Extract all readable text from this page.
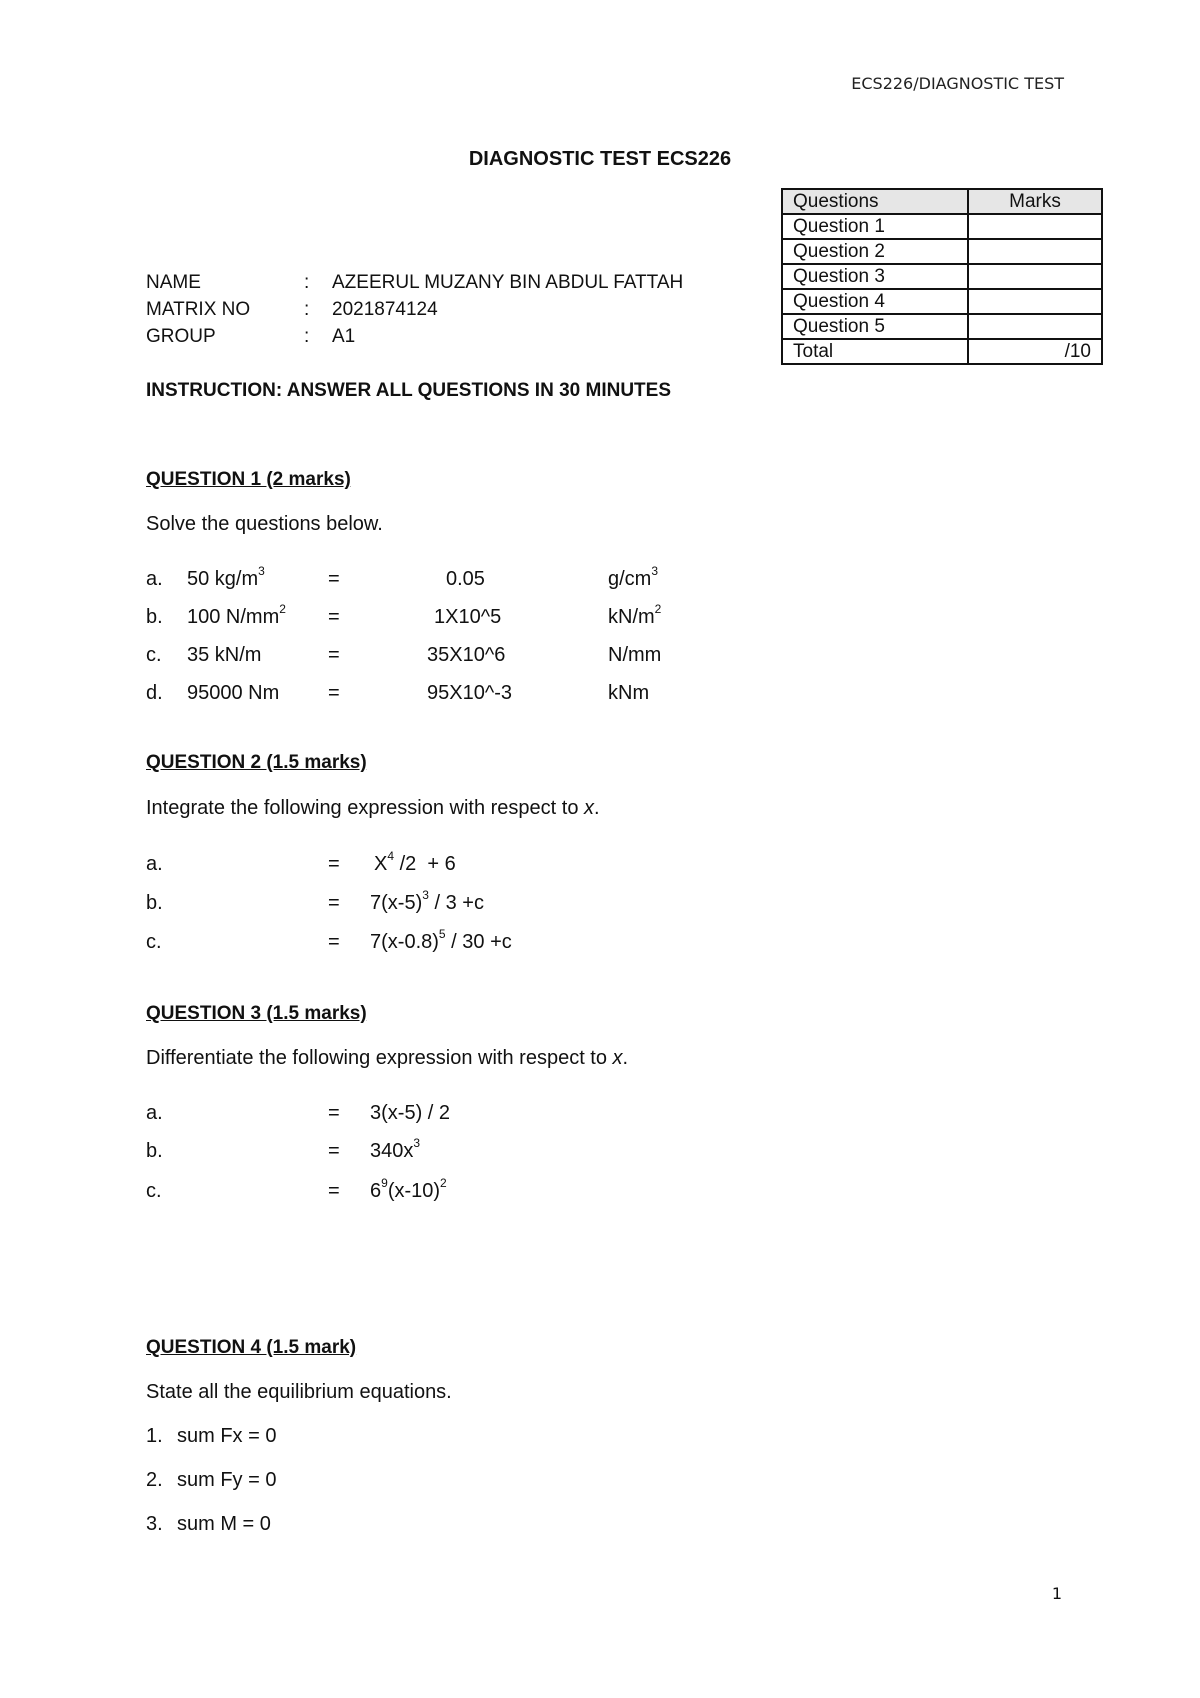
ECS226/DIAGNOSTIC TEST
DIAGNOSTIC TEST ECS226
NAME	: AZEERUL MUZANY BIN ABDUL FATTAH
MATRIX NO	: 2021874124
GROUP	: A1
Questions	Marks
Question 1	
Question 2	
Question 3	
Question 4	
Question 5	
Total	/10
INSTRUCTION: ANSWER ALL QUESTIONS IN 30 MINUTES
QUESTION 1 (2 marks)
Solve the questions below.
a. 50 $kg/m^3$	=	0.05	$g/cm^3$
b. 100 $N/mm^2$ =	1X10^5	$kN/m^2$
c. 35 kN/m	=	35X10^6	N/mm
d. 95000 Nm =	95X10^-3	kNm
QUESTION 2 (1.5 marks)
Integrate the following expression with respect to x.
a.	= $X^4$ /2  + 6
b.	= $7(x-5)^3 / 3 +c$
c.	= $7(x-0.8)^5 / 30 +c$
QUESTION 3 (1.5 marks)
Differentiate the following expression with respect to x.
a.	= 3(x-5) / 2
b.	= $340x^3$
c.	= $6^9(x-10)^2$
QUESTION 4 (1.5 mark)
State all the equilibrium equations.
1. sum Fx = 0
2. sum Fy = 0
3. sum M = 0
1
